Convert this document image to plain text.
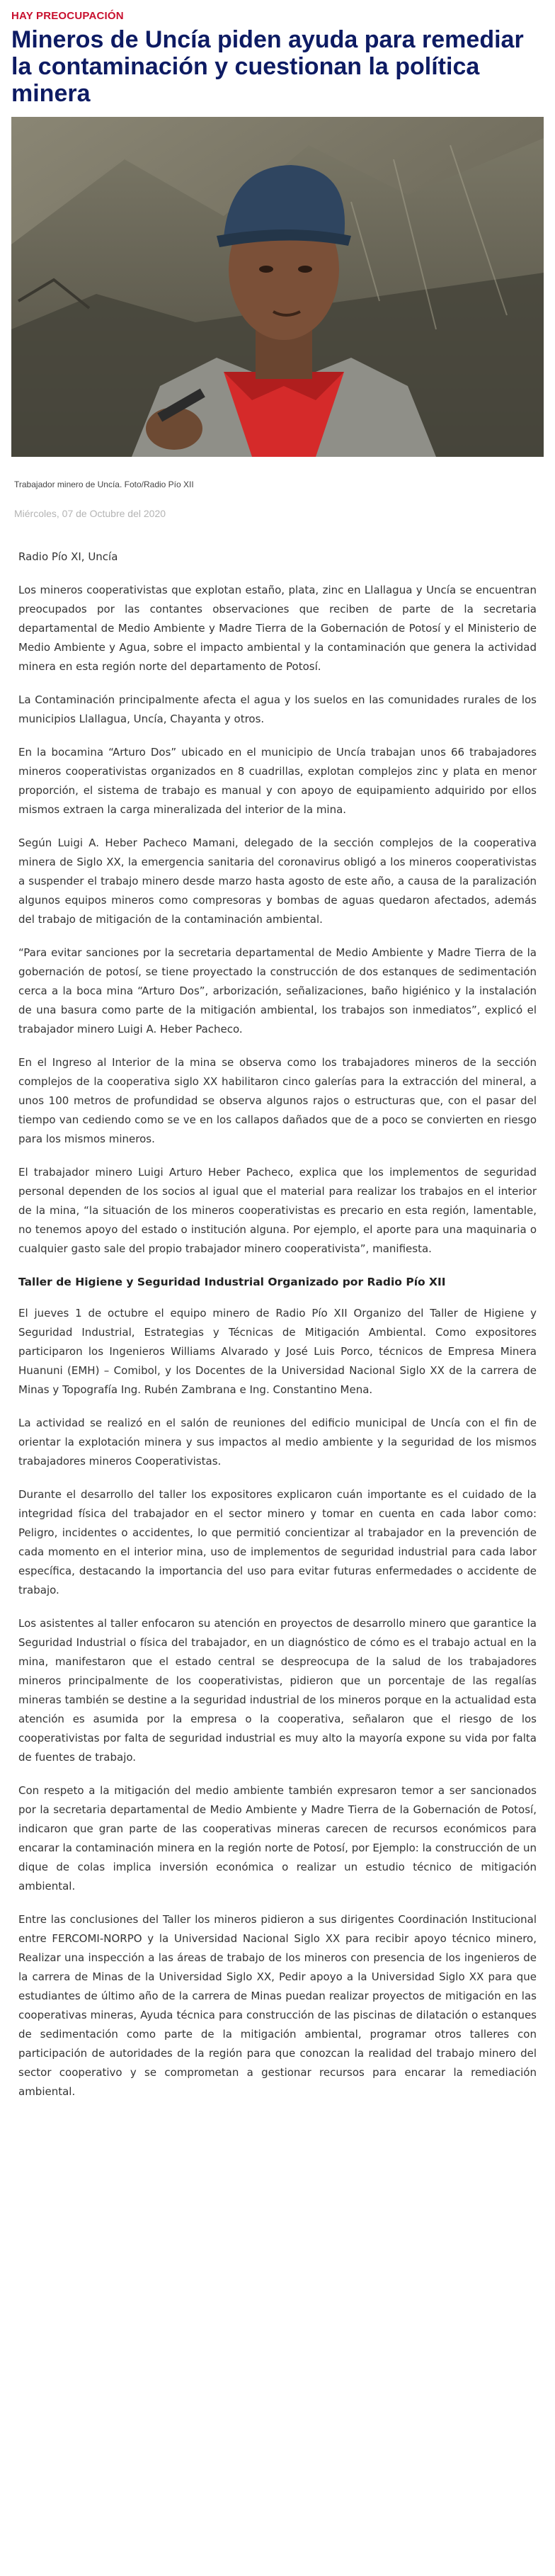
HAY PREOCUPACIÓN
Mineros de Uncía piden ayuda para remediar la contaminación y cuestionan la política minera
Trabajador minero de Uncía. Foto/Radio Pío XII
Miércoles, 07 de Octubre del 2020

Radio Pío XI, Uncía

Los mineros cooperativistas que explotan estaño, plata, zinc en Llallagua y Uncía se encuentran preocupados por las contantes observaciones que reciben de parte de la secretaria departamental de Medio Ambiente y Madre Tierra de la Gobernación de Potosí y el Ministerio de Medio Ambiente y Agua, sobre el impacto ambiental y la contaminación que genera la actividad minera en esta región norte del departamento de Potosí.

La Contaminación principalmente afecta el agua y los suelos en las comunidades rurales de los municipios Llallagua, Uncía, Chayanta y otros.

En la bocamina “Arturo Dos” ubicado en el municipio de Uncía trabajan unos 66 trabajadores mineros cooperativistas organizados en 8 cuadrillas, explotan complejos zinc y plata en menor proporción, el sistema de trabajo es manual y con apoyo de equipamiento adquirido por ellos mismos extraen la carga mineralizada del interior de la mina.

Según Luigi A. Heber Pacheco Mamani, delegado de la sección complejos de la cooperativa minera de Siglo XX, la emergencia sanitaria del coronavirus obligó a los mineros cooperativistas a suspender el trabajo minero desde marzo hasta agosto de este año, a causa de la paralización algunos equipos mineros como compresoras y bombas de aguas quedaron afectados, además del trabajo de mitigación de la contaminación ambiental.

“Para evitar sanciones por la secretaria departamental de Medio Ambiente y Madre Tierra de la gobernación de potosí, se tiene proyectado la construcción de dos estanques de sedimentación cerca a la boca mina “Arturo Dos”, arborización, señalizaciones, baño higiénico y la instalación de una basura como parte de la mitigación ambiental, los trabajos son inmediatos”, explicó el trabajador minero Luigi A. Heber Pacheco.

En el Ingreso al Interior de la mina se observa como los trabajadores mineros de la sección complejos de la cooperativa siglo XX habilitaron cinco galerías para la extracción del mineral, a unos 100 metros de profundidad se observa algunos rajos o estructuras que, con el pasar del tiempo van cediendo como se ve en los callapos dañados que de a poco se convierten en riesgo para los mismos mineros.

El trabajador minero Luigi Arturo Heber Pacheco, explica que los implementos de seguridad personal dependen de los socios al igual que el material para realizar los trabajos en el interior de la mina, “la situación de los mineros cooperativistas es precario en esta región, lamentable, no tenemos apoyo del estado o institución alguna. Por ejemplo, el aporte para una maquinaria o cualquier gasto sale del propio trabajador minero cooperativista”, manifiesta.

Taller de Higiene y Seguridad Industrial Organizado por Radio Pío XII

El jueves 1 de octubre el equipo minero de Radio Pío XII Organizo del Taller de Higiene y Seguridad Industrial, Estrategias y Técnicas de Mitigación Ambiental. Como expositores participaron los Ingenieros Williams Alvarado y José Luis Porco, técnicos de Empresa Minera Huanuni (EMH) – Comibol, y los Docentes de la Universidad Nacional Siglo XX de la carrera de Minas y Topografía Ing. Rubén Zambrana e Ing. Constantino Mena.

La actividad se realizó en el salón de reuniones del edificio municipal de Uncía con el fin de orientar la explotación minera y sus impactos al medio ambiente y la seguridad de los mismos trabajadores mineros Cooperativistas.

Durante el desarrollo del taller los expositores explicaron cuán importante es el cuidado de la integridad física del trabajador en el sector minero y tomar en cuenta en cada labor como: Peligro, incidentes o accidentes, lo que permitió concientizar al trabajador en la prevención de cada momento en el interior mina, uso de implementos de seguridad industrial para cada labor específica, destacando la importancia del uso para evitar futuras enfermedades o accidente de trabajo.

Los asistentes al taller enfocaron su atención en proyectos de desarrollo minero que garantice la Seguridad Industrial o física del trabajador, en un diagnóstico de cómo es el trabajo actual en la mina, manifestaron que el estado central se despreocupa de la salud de los trabajadores mineros principalmente de los cooperativistas, pidieron que un porcentaje de las regalías mineras también se destine a la seguridad industrial de los mineros porque en la actualidad esta atención es asumida por la empresa o la cooperativa, señalaron que el riesgo de los cooperativistas por falta de seguridad industrial es muy alto la mayoría expone su vida por falta de fuentes de trabajo.

Con respeto a la mitigación del medio ambiente también expresaron temor a ser sancionados por la secretaria departamental de Medio Ambiente y Madre Tierra de la Gobernación de Potosí, indicaron que gran parte de las cooperativas mineras carecen de recursos económicos para encarar la contaminación minera en la región norte de Potosí, por Ejemplo: la construcción de un dique de colas implica inversión económica o realizar un estudio técnico de mitigación ambiental.

Entre las conclusiones del Taller los mineros pidieron a sus dirigentes Coordinación Institucional entre FERCOMI-NORPO y la Universidad Nacional Siglo XX para recibir apoyo técnico minero, Realizar una inspección a las áreas de trabajo de los mineros con presencia de los ingenieros de la carrera de Minas de la Universidad Siglo XX, Pedir apoyo a la Universidad Siglo XX para que estudiantes de último año de la carrera de Minas puedan realizar proyectos de mitigación en las cooperativas mineras, Ayuda técnica para construcción de las piscinas de dilatación o estanques de sedimentación como parte de la mitigación ambiental, programar otros talleres con participación de autoridades de la región para que conozcan la realidad del trabajo minero del sector cooperativo y se comprometan a gestionar recursos para encarar la remediación ambiental.
